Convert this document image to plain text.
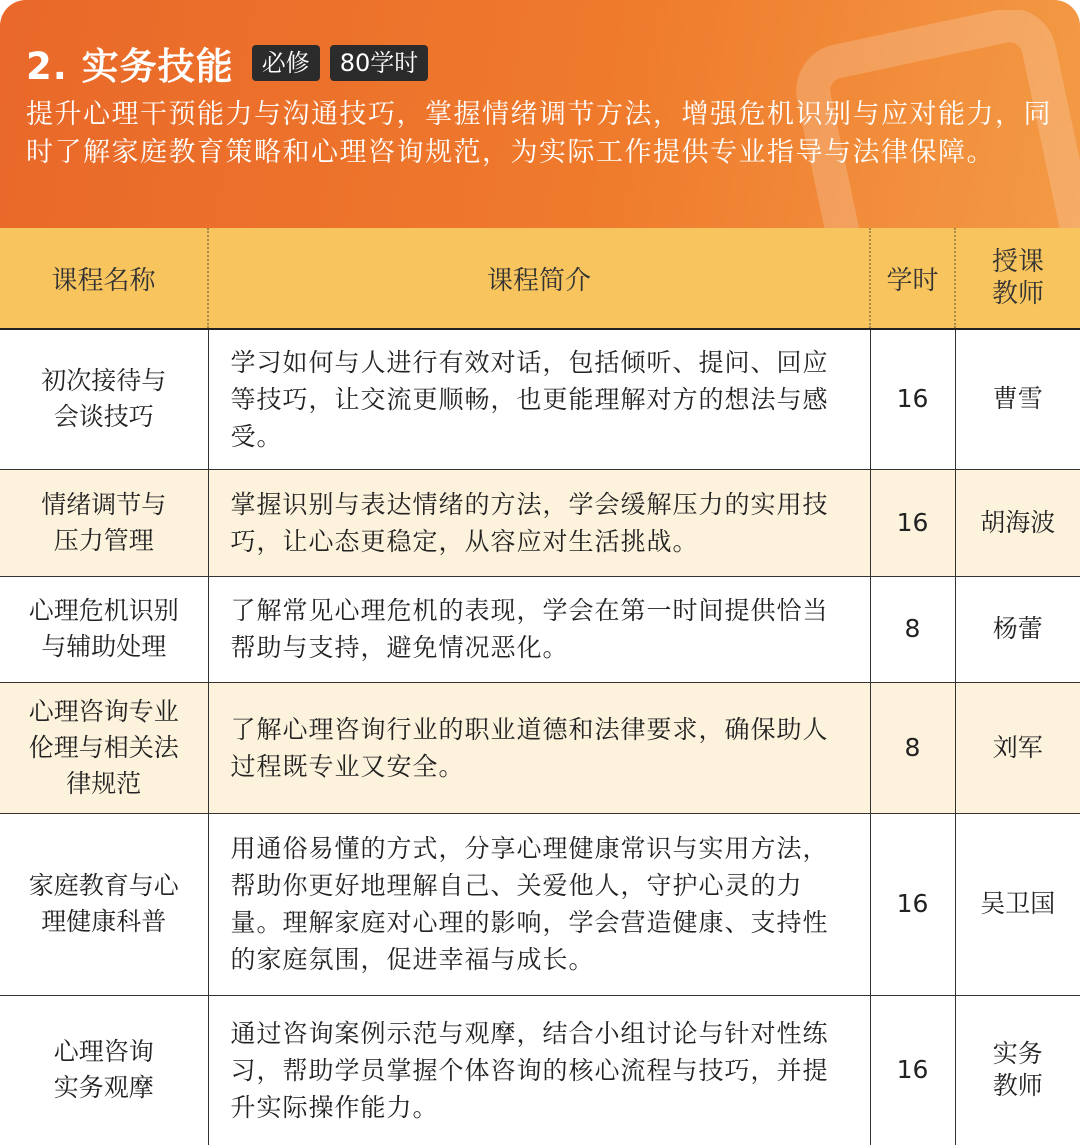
2. 实务技能	必修	80学时
提升心理干预能力与沟通技巧，掌握情绪调节方法，增强危机识别与应对能力，同时了解家庭教育策略和心理咨询规范，为实际工作提供专业指导与法律保障。
课程名称	课程简介	学时	授课教师

初次接待与会谈技巧	学习如何与人进行有效对话，包括倾听、提问、回应等技巧，让交流更顺畅，也更能理解对方的想法与感受。	16	曹雪

情绪调节与压力管理	掌握识别与表达情绪的方法，学会缓解压力的实用技巧，让心态更稳定，从容应对生活挑战。	16	胡海波

心理危机识别与辅助处理	了解常见心理危机的表现，学会在第一时间提供恰当帮助与支持，避免情况恶化。	8	杨蕾

心理咨询专业伦理与相关法律规范	了解心理咨询行业的职业道德和法律要求，确保助人过程既专业又安全。	8	刘军

家庭教育与心理健康科普	用通俗易懂的方式，分享心理健康常识与实用方法，帮助你更好地理解自己、关爱他人，守护心灵的力量。理解家庭对心理的影响，学会营造健康、支持性的家庭氛围，促进幸福与成长。	16	吴卫国

心理咨询实务观摩	通过咨询案例示范与观摩，结合小组讨论与针对性练习，帮助学员掌握个体咨询的核心流程与技巧，并提升实际操作能力。	16	实务教师
